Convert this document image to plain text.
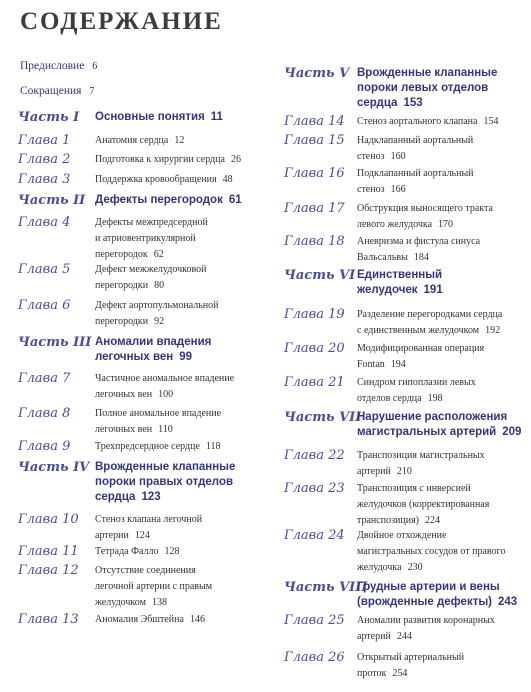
СОДЕРЖАНИЕ
Предисловие 6
Сокращения 7
Часть I Основные понятия 11
Глава 1 Анатомия сердца 12
Глава 2 Подготовка к хирургии сердца 26
Глава 3 Поддержка кровообращения 48
Часть II Дефекты перегородок 61
Глава 4 Дефекты межпредсердной
и атриовентрикулярной
перегородок 62
Глава 5 Дефект межжелудочковой
перегородки 80
Глава 6 Дефект аортопульмональной
перегородки 92
Часть III Аномалии впадения
легочных вен 99
Глава 7 Частичное аномальное впадение
легочных вен 100
Глава 8 Полное аномальное впадение
легочных вен 110
Глава 9 Трехпредсердное сердце 118
Часть IV Врожденные клапанные
пороки правых отделов
сердца 123
Глава 10 Стеноз клапана легочной
артерии 124
Глава 11 Тетрада Фалло 128
Глава 12 Отсутствие соединения
легочной артерии с правым
желудочком 138
Глава 13 Аномалия Эбштейна 146
Часть V Врожденные клапанные
пороки левых отделов
сердца 153
Глава 14 Стеноз аортального клапана 154
Глава 15 Надклапанный аортальный
стеноз 160
Глава 16 Подклапанный аортальный
стеноз 166
Глава 17 Обструкция выносящего тракта
левого желудочка 170
Глава 18 Аневризма и фистула синуса
Вальсальвы 184
Часть VI Единственный
желудочек 191
Глава 19 Разделение перегородками сердца
с единственным желудочком 192
Глава 20 Модифицированная операция
Fontan 194
Глава 21 Синдром гипоплазии левых
отделов сердца 198
Часть VII
Нарушение расположения
магистральных артерий 209
Глава 22 Транспозиция магистральных
артерий 210
Глава 23 Транспозиция с инверсией
желудочков (корректированная
транспозиция) 224
Глава 24 Двойное отхождение
магистральных сосудов от правого
желудочка 230
Часть VIII
Грудные артерии и вены
(врожденные дефекты) 243
Глава 25 Аномалии развития коронарных
артерий 244
Глава 26 Открытый артериальный
проток 254
